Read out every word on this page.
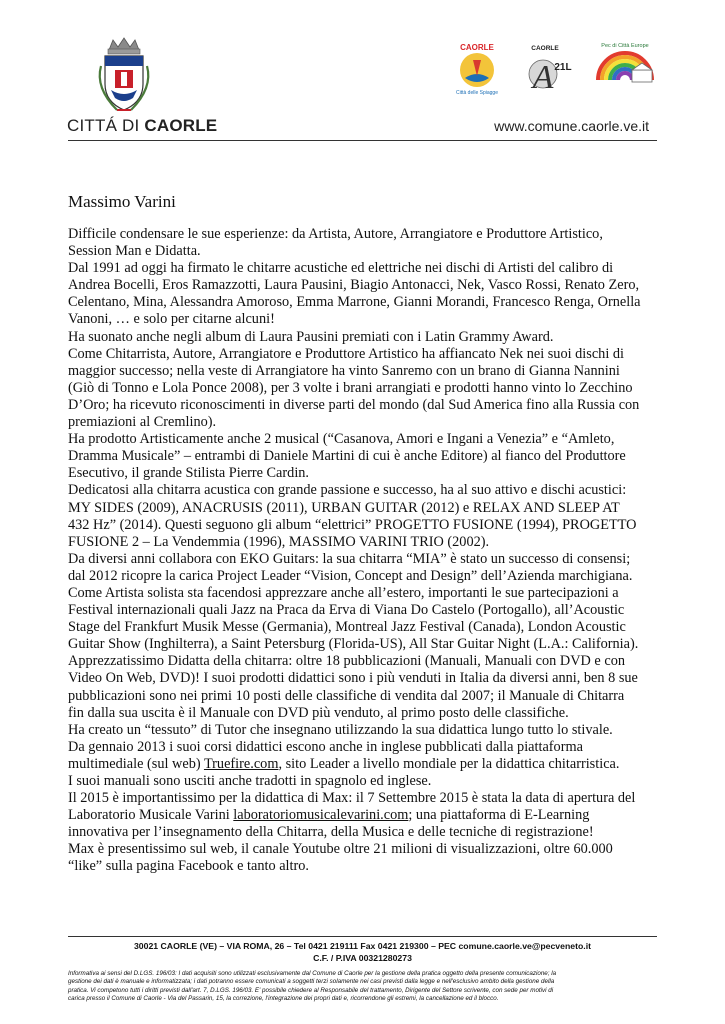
CITTÁ DI CAORLE
CAORLE
Città delle Spiagge
CAORLE
A 21L
Pec di Città Europe
www.comune.caorle.ve.it
Massimo Varini
Difficile condensare le sue esperienze: da Artista, Autore, Arrangiatore e Produttore Artistico,
Session Man e Didatta.
Dal 1991 ad oggi ha firmato le chitarre acustiche ed elettriche nei dischi di Artisti del calibro di
Andrea Bocelli, Eros Ramazzotti, Laura Pausini, Biagio Antonacci, Nek, Vasco Rossi, Renato Zero,
Celentano, Mina, Alessandra Amoroso, Emma Marrone, Gianni Morandi, Francesco Renga, Ornella
Vanoni, … e solo per citarne alcuni!
Ha suonato anche negli album di Laura Pausini premiati con i Latin Grammy Award.
Come Chitarrista, Autore, Arrangiatore e Produttore Artistico ha affiancato Nek nei suoi dischi di
maggior successo; nella veste di Arrangiatore ha vinto Sanremo con un brano di Gianna Nannini
(Giò di Tonno e Lola Ponce 2008), per 3 volte i brani arrangiati e prodotti hanno vinto lo Zecchino
D’Oro; ha ricevuto riconoscimenti in diverse parti del mondo (dal Sud America fino alla Russia con
premiazioni al Cremlino).
Ha prodotto Artisticamente anche 2 musical (“Casanova, Amori e Ingani a Venezia” e “Amleto,
Dramma Musicale” – entrambi di Daniele Martini di cui è anche Editore) al fianco del Produttore
Esecutivo, il grande Stilista Pierre Cardin.
Dedicatosi alla chitarra acustica con grande passione e successo, ha al suo attivo e dischi acustici:
MY SIDES (2009), ANACRUSIS (2011), URBAN GUITAR (2012) e RELAX AND SLEEP AT
432 Hz” (2014). Questi seguono gli album “elettrici” PROGETTO FUSIONE (1994), PROGETTO
FUSIONE 2 – La Vendemmia (1996), MASSIMO VARINI TRIO (2002).
Da diversi anni collabora con EKO Guitars: la sua chitarra “MIA” è stato un successo di consensi;
dal 2012 ricopre la carica Project Leader “Vision, Concept and Design” dell’Azienda marchigiana.
Come Artista solista sta facendosi apprezzare anche all’estero, importanti le sue partecipazioni a
Festival internazionali quali Jazz na Praca da Erva di Viana Do Castelo (Portogallo), all’Acoustic
Stage del Frankfurt Musik Messe (Germania), Montreal Jazz Festival (Canada), London Acoustic
Guitar Show (Inghilterra), a Saint Petersburg (Florida-US), All Star Guitar Night (L.A.: California).
Apprezzatissimo Didatta della chitarra: oltre 18 pubblicazioni (Manuali, Manuali con DVD e con
Video On Web, DVD)! I suoi prodotti didattici sono i più venduti in Italia da diversi anni, ben 8 sue
pubblicazioni sono nei primi 10 posti delle classifiche di vendita dal 2007; il Manuale di Chitarra
fin dalla sua uscita è il Manuale con DVD più venduto, al primo posto delle classifiche.
Ha creato un “tessuto” di Tutor che insegnano utilizzando la sua didattica lungo tutto lo stivale.
Da gennaio 2013 i suoi corsi didattici escono anche in inglese pubblicati dalla piattaforma
multimediale (sul web) Truefire.com, sito Leader a livello mondiale per la didattica chitarristica.
I suoi manuali sono usciti anche tradotti in spagnolo ed inglese.
Il 2015 è importantissimo per la didattica di Max: il 7 Settembre 2015 è stata la data di apertura del
Laboratorio Musicale Varini laboratoriomusicalevarini.com; una piattaforma di E-Learning
innovativa per l’insegnamento della Chitarra, della Musica e delle tecniche di registrazione!
Max è presentissimo sul web, il canale Youtube oltre 21 milioni di visualizzazioni, oltre 60.000
“like” sulla pagina Facebook e tanto altro.
30021 CAORLE (VE) – VIA ROMA, 26 – Tel 0421 219111 Fax 0421 219300 – PEC comune.caorle.ve@pecveneto.it
C.F. / P.IVA 00321280273
Informativa ai sensi del D.LGS. 196/03: I dati acquisiti sono utilizzati esclusivamente dal Comune di Caorle per la gestione della pratica oggetto della presente comunicazione; la
gestione dei dati è manuale e informatizzata; i dati potranno essere comunicati a soggetti terzi solamente nei casi previsti dalla legge e nell'esclusivo ambito della gestione della
pratica. Vi competono tutti i diritti previsti dall'art. 7, D.LGS. 196/03. E' possibile chiedere al Responsabile del trattamento, Dirigente del Settore scrivente, con sede per motivi di
carica presso il Comune di Caorle - Via del Passarin, 15, la correzione, l'integrazione dei propri dati e, ricorrendone gli estremi, la cancellazione ed il blocco.
